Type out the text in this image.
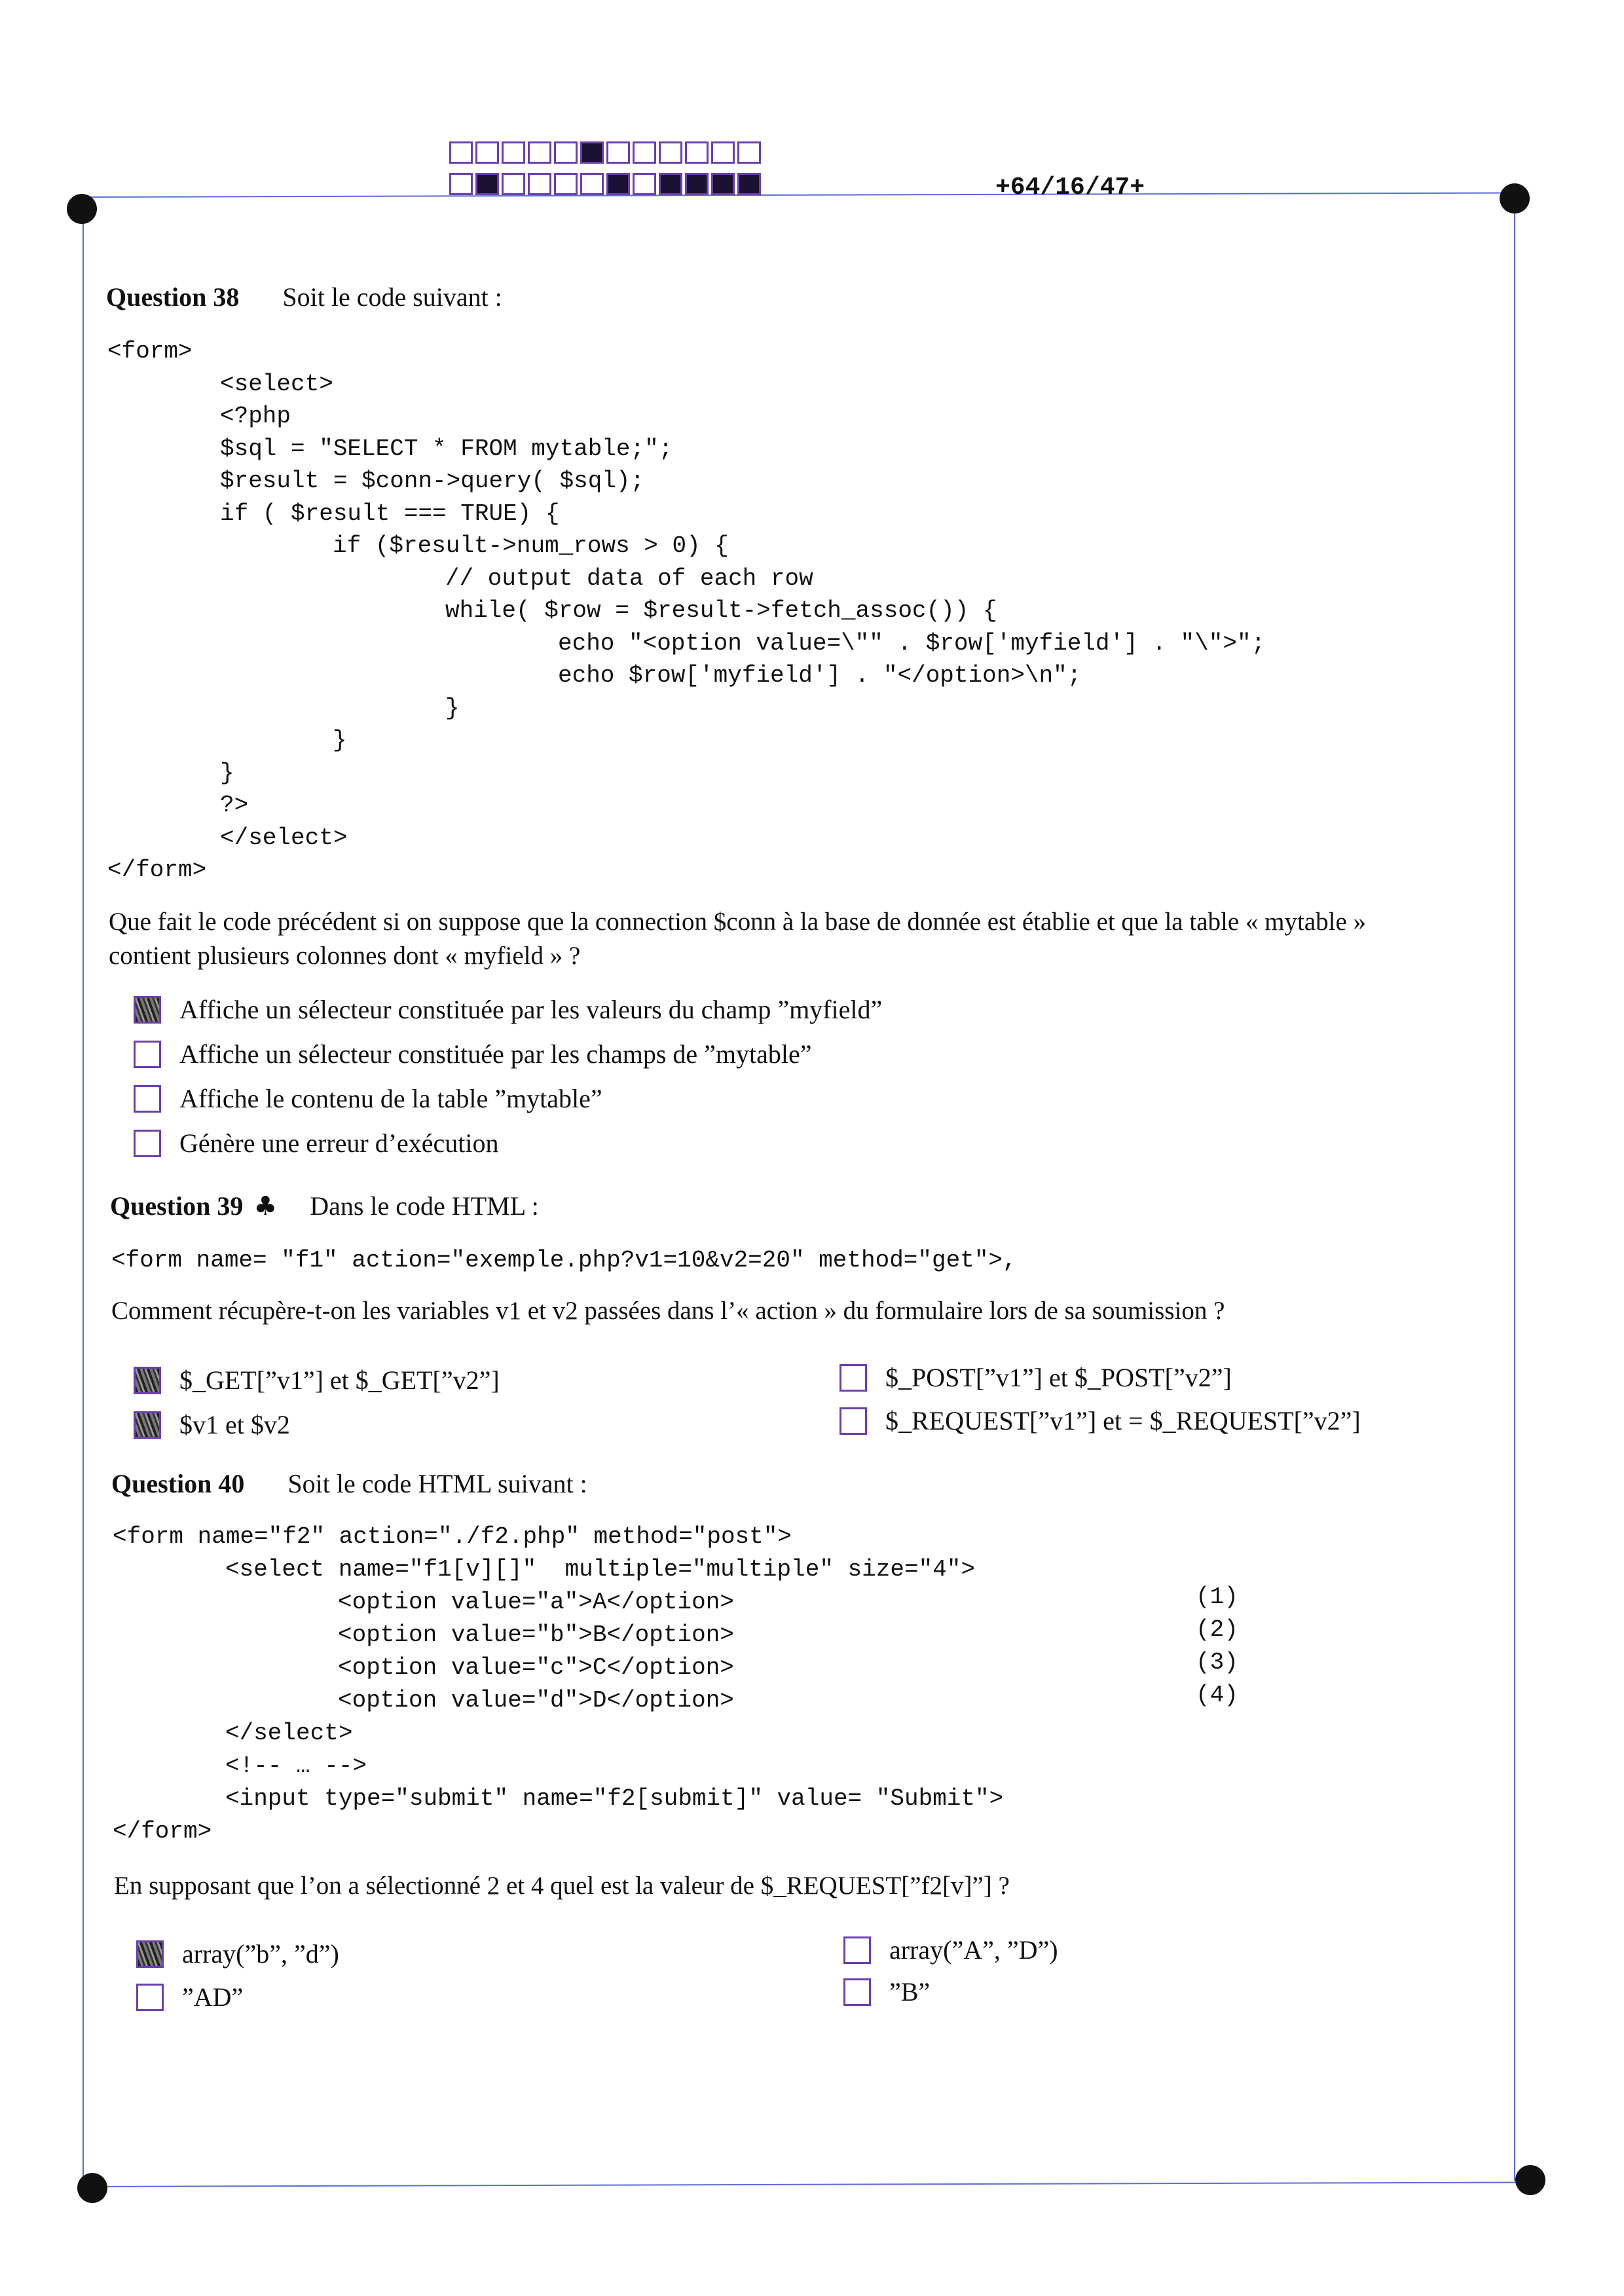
+64/16/47+
Question 38 Soit le code suivant :
<form>
<select>
<?php
$sql = "SELECT * FROM mytable;";
$result = $conn->query( $sql);
if ( $result === TRUE) {
if ($result->num_rows > 0) {
// output data of each row
while( $row = $result->fetch_assoc()) {
echo "<option value=\"" . $row['myfield'] . "\">";
echo $row['myfield'] . "</option>\n";
}
}
}
?>
</select>
</form>
Que fait le code précédent si on suppose que la connection $conn à la base de donnée est établie et que la table « mytable »
contient plusieurs colonnes dont « myfield » ?
Affiche un sélecteur constituée par les valeurs du champ ”myfield”
Affiche un sélecteur constituée par les champs de ”mytable”
Affiche le contenu de la table ”mytable”
Génère une erreur d’exécution
Question 39 ♣ Dans le code HTML :
<form name= "f1" action="exemple.php?v1=10&v2=20" method="get">,
Comment récupère-t-on les variables v1 et v2 passées dans l’« action » du formulaire lors de sa soumission ?
$_GET[”v1”] et $_GET[”v2”]
$v1 et $v2
$_POST[”v1”] et $_POST[”v2”]
$_REQUEST[”v1”] et = $_REQUEST[”v2”]
Question 40 Soit le code HTML suivant :
<form name="f2" action="./f2.php" method="post">
<select name="f1[v][]"  multiple="multiple" size="4">
<option value="a">A</option>
<option value="b">B</option>
<option value="c">C</option>
<option value="d">D</option>
</select>
<!-- … -->
<input type="submit" name="f2[submit]" value= "Submit">
</form>
(1)
(2)
(3)
(4)
En supposant que l’on a sélectionné 2 et 4 quel est la valeur de $_REQUEST[”f2[v]”] ?
array(”b”, ”d”)
”AD”
array(”A”, ”D”)
”B”
